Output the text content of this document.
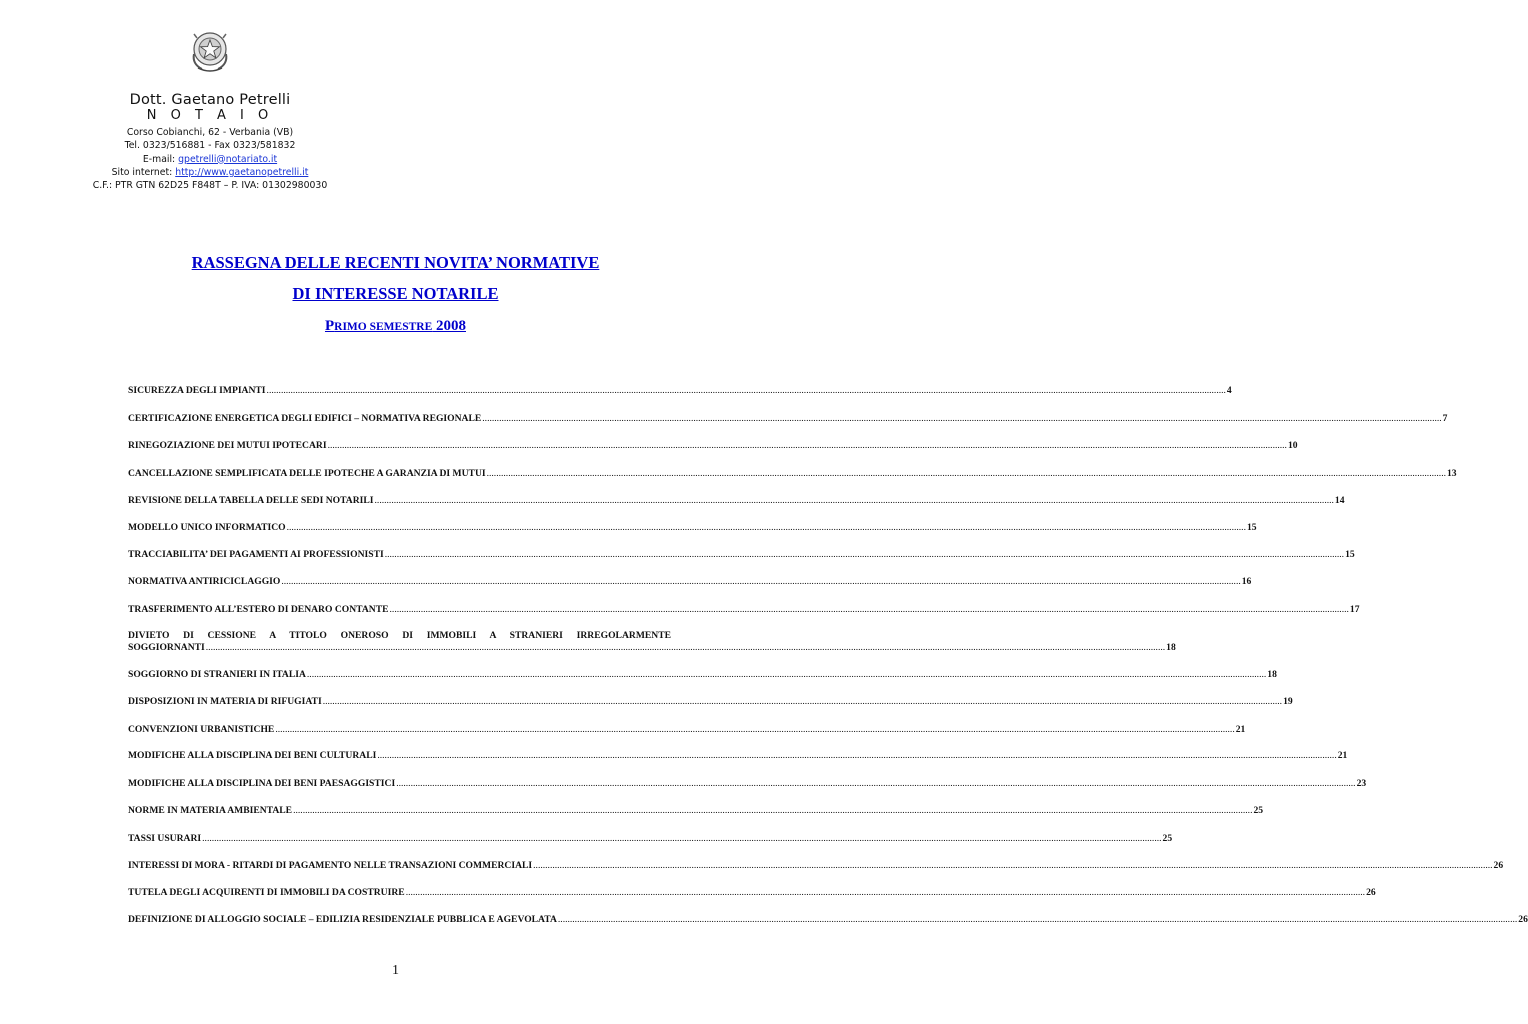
Dott. Gaetano Petrelli
N O T A I O
Corso Cobianchi, 62 - Verbania (VB)
Tel. 0323/516881 - Fax 0323/581832
E-mail: gpetrelli@notariato.it
Sito internet: http://www.gaetanopetrelli.it
C.F.: PTR GTN 62D25 F848T – P. IVA: 01302980030
RASSEGNA DELLE RECENTI NOVITA’ NORMATIVE
DI INTERESSE NOTARILE
PRIMO SEMESTRE 2008
SICUREZZA DEGLI IMPIANTI ................................................................................................................................................................................................................................................................................................................................................................................................................ 4
CERTIFICAZIONE ENERGETICA DEGLI EDIFICI – NORMATIVA REGIONALE ................................................................................................................................................................................................................................................................................................................................................................................................................ 7
RINEGOZIAZIONE DEI MUTUI IPOTECARI ................................................................................................................................................................................................................................................................................................................................................................................................................ 10
CANCELLAZIONE SEMPLIFICATA DELLE IPOTECHE A GARANZIA DI MUTUI ................................................................................................................................................................................................................................................................................................................................................................................................................ 13
REVISIONE DELLA TABELLA DELLE SEDI NOTARILI ................................................................................................................................................................................................................................................................................................................................................................................................................ 14
MODELLO UNICO INFORMATICO ................................................................................................................................................................................................................................................................................................................................................................................................................ 15
TRACCIABILITA’ DEI PAGAMENTI AI PROFESSIONISTI ................................................................................................................................................................................................................................................................................................................................................................................................................ 15
NORMATIVA ANTIRICICLAGGIO ................................................................................................................................................................................................................................................................................................................................................................................................................ 16
TRASFERIMENTO ALL’ESTERO DI DENARO CONTANTE ................................................................................................................................................................................................................................................................................................................................................................................................................ 17
DIVIETO DI CESSIONE A TITOLO ONEROSO DI IMMOBILI A STRANIERI IRREGOLARMENTE
SOGGIORNANTI ................................................................................................................................................................................................................................................................................................................................................................................................................ 18
SOGGIORNO DI STRANIERI IN ITALIA ................................................................................................................................................................................................................................................................................................................................................................................................................ 18
DISPOSIZIONI IN MATERIA DI RIFUGIATI ................................................................................................................................................................................................................................................................................................................................................................................................................ 19
CONVENZIONI URBANISTICHE ................................................................................................................................................................................................................................................................................................................................................................................................................ 21
MODIFICHE ALLA DISCIPLINA DEI BENI CULTURALI ................................................................................................................................................................................................................................................................................................................................................................................................................ 21
MODIFICHE ALLA DISCIPLINA DEI BENI PAESAGGISTICI ................................................................................................................................................................................................................................................................................................................................................................................................................ 23
NORME IN MATERIA AMBIENTALE ................................................................................................................................................................................................................................................................................................................................................................................................................ 25
TASSI USURARI ................................................................................................................................................................................................................................................................................................................................................................................................................ 25
INTERESSI DI MORA - RITARDI DI PAGAMENTO NELLE TRANSAZIONI COMMERCIALI ................................................................................................................................................................................................................................................................................................................................................................................................................ 26
TUTELA DEGLI ACQUIRENTI DI IMMOBILI DA COSTRUIRE ................................................................................................................................................................................................................................................................................................................................................................................................................ 26
DEFINIZIONE DI ALLOGGIO SOCIALE – EDILIZIA RESIDENZIALE PUBBLICA E AGEVOLATA ................................................................................................................................................................................................................................................................................................................................................................................................................ 26
1
